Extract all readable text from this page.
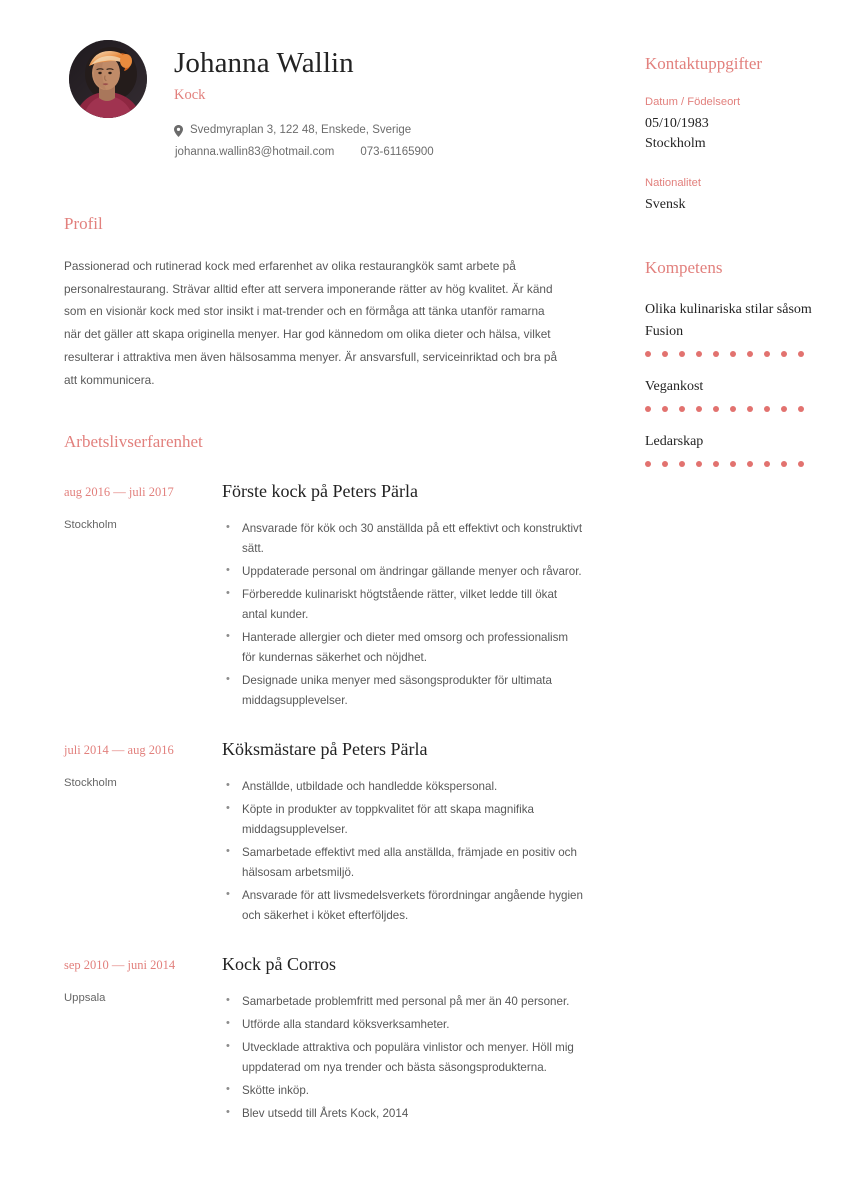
Johanna Wallin
Kock
Svedmyraplan 3, 122 48, Enskede, Sverige
johanna.wallin83@hotmail.com 073-61165900
Profil

Passionerad och rutinerad kock med erfarenhet av olika restaurangkök samt arbete på personalrestaurang. Strävar alltid efter att servera imponerande rätter av hög kvalitet. Är känd som en visionär kock med stor insikt i mat-trender och en förmåga att tänka utanför ramarna när det gäller att skapa originella menyer. Har god kännedom om olika dieter och hälsa, vilket resulterar i attraktiva men även hälsosamma menyer. Är ansvarsfull, serviceinriktad och bra på att kommunicera.

Arbetslivserfarenhet
aug 2016 — juli 2017
Stockholm
Förste kock på Peters Pärla
• Ansvarade för kök och 30 anställda på ett effektivt och konstruktivt sätt.
• Uppdaterade personal om ändringar gällande menyer och råvaror.
• Förberedde kulinariskt högtstående rätter, vilket ledde till ökat antal kunder.
• Hanterade allergier och dieter med omsorg och professionalism för kundernas säkerhet och nöjdhet.
• Designade unika menyer med säsongsprodukter för ultimata middagsupplevelser.
juli 2014 — aug 2016
Stockholm
Köksmästare på Peters Pärla
• Anställde, utbildade och handledde kökspersonal.
• Köpte in produkter av toppkvalitet för att skapa magnifika middagsupplevelser.
• Samarbetade effektivt med alla anställda, främjade en positiv och hälsosam arbetsmiljö.
• Ansvarade för att livsmedelsverkets förordningar angående hygien och säkerhet i köket efterföljdes.
sep 2010 — juni 2014
Uppsala
Kock på Corros
• Samarbetade problemfritt med personal på mer än 40 personer.
• Utförde alla standard köksverksamheter.
• Utvecklade attraktiva och populära vinlistor och menyer. Höll mig uppdaterad om nya trender och bästa säsongsprodukterna.
• Skötte inköp.
• Blev utsedd till Årets Kock, 2014
Kontaktuppgifter
Datum / Födelseort
05/10/1983
Stockholm
Nationalitet
Svensk
Kompetens
Olika kulinariska stilar såsom Fusion
Vegankost
Ledarskap
